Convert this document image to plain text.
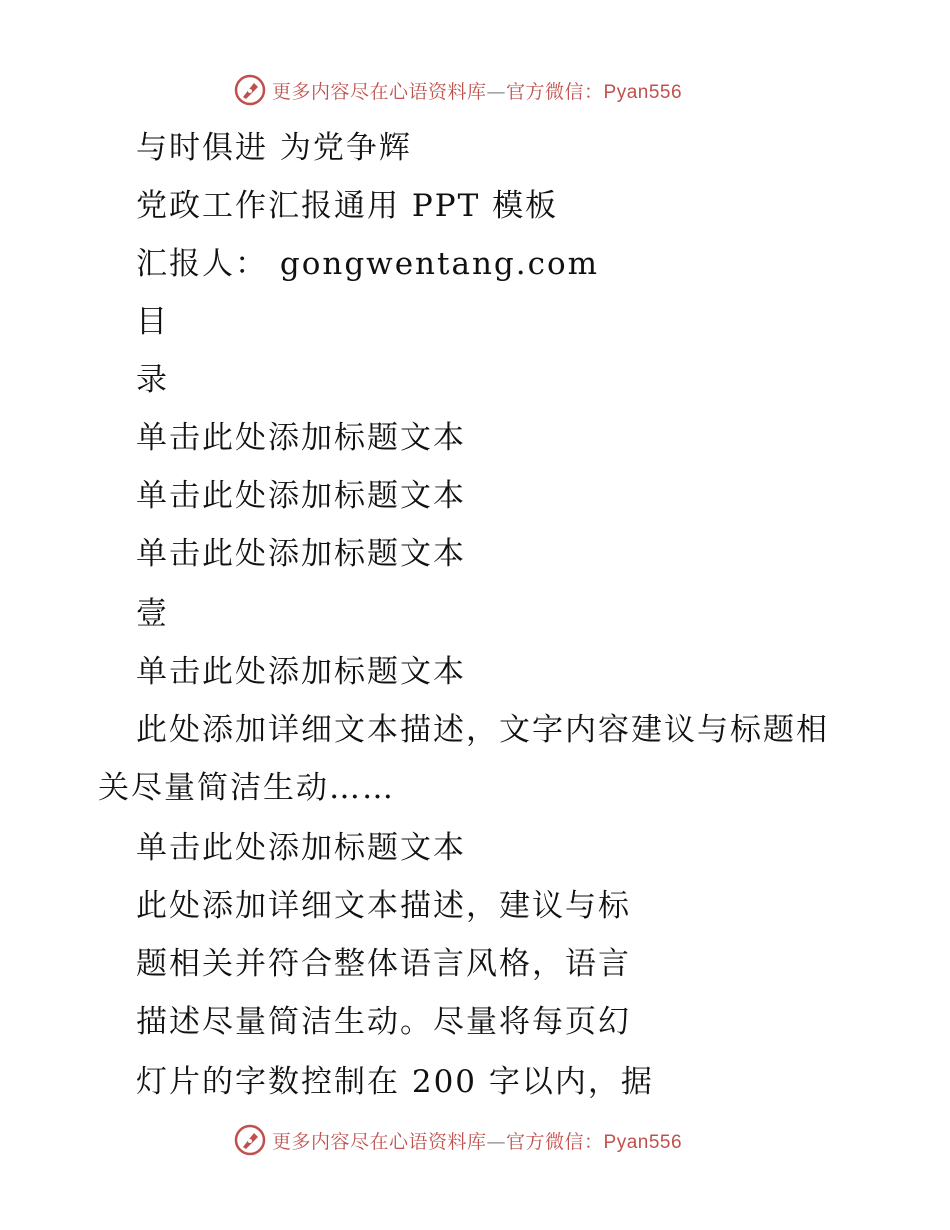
更多内容尽在心语资料库—官方微信：Pyan556
与时俱进 为党争辉
党政工作汇报通用 PPT 模板
汇报人： gongwentang.com
目
录
单击此处添加标题文本
单击此处添加标题文本
单击此处添加标题文本
壹
单击此处添加标题文本
此处添加详细文本描述，文字内容建议与标题相
关尽量简洁生动……
单击此处添加标题文本
此处添加详细文本描述，建议与标
题相关并符合整体语言风格，语言
描述尽量简洁生动。尽量将每页幻
灯片的字数控制在 200 字以内，据
更多内容尽在心语资料库—官方微信：Pyan556
